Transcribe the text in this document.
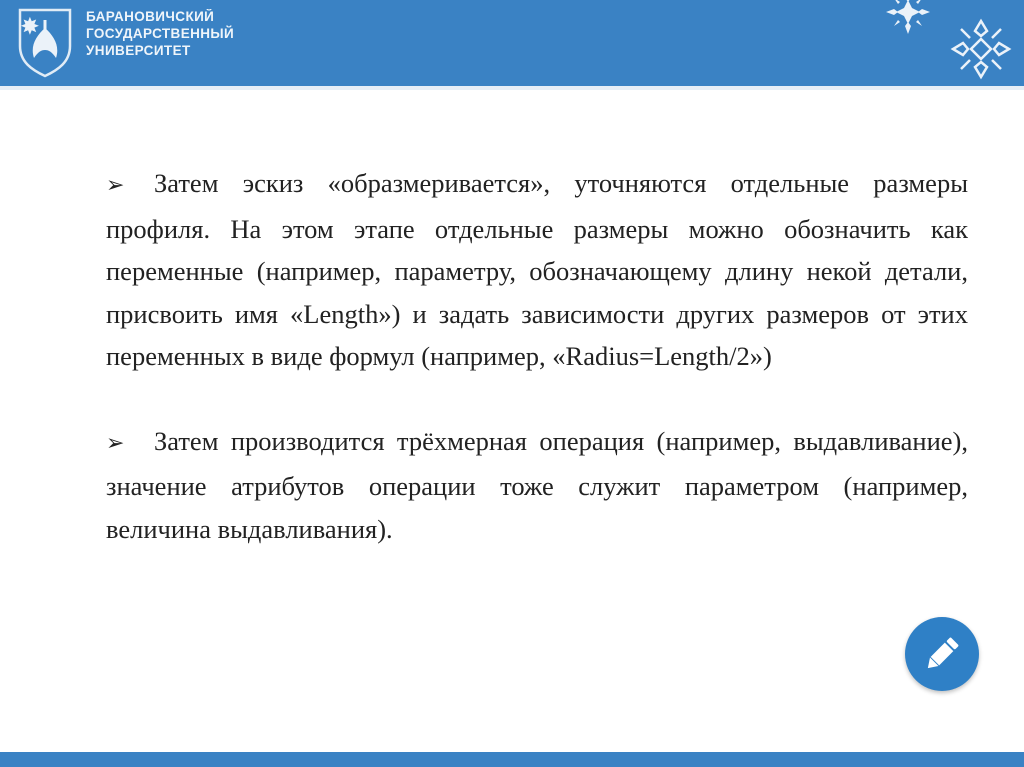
БАРАНОВИЧСКИЙ
ГОСУДАРСТВЕННЫЙ
УНИВЕРСИТЕТ

➢ Затем эскиз «образмеривается», уточняются отдельные размеры профиля. На этом этапе отдельные размеры можно обозначить как переменные (например, параметру, обозначающему длину некой детали, присвоить имя «Length») и задать зависимости других размеров от этих переменных в виде формул (например, «Radius=Length/2»)

➢ Затем производится трёхмерная операция (например, выдавливание), значение атрибутов операции тоже служит параметром (например, величина выдавливания).
